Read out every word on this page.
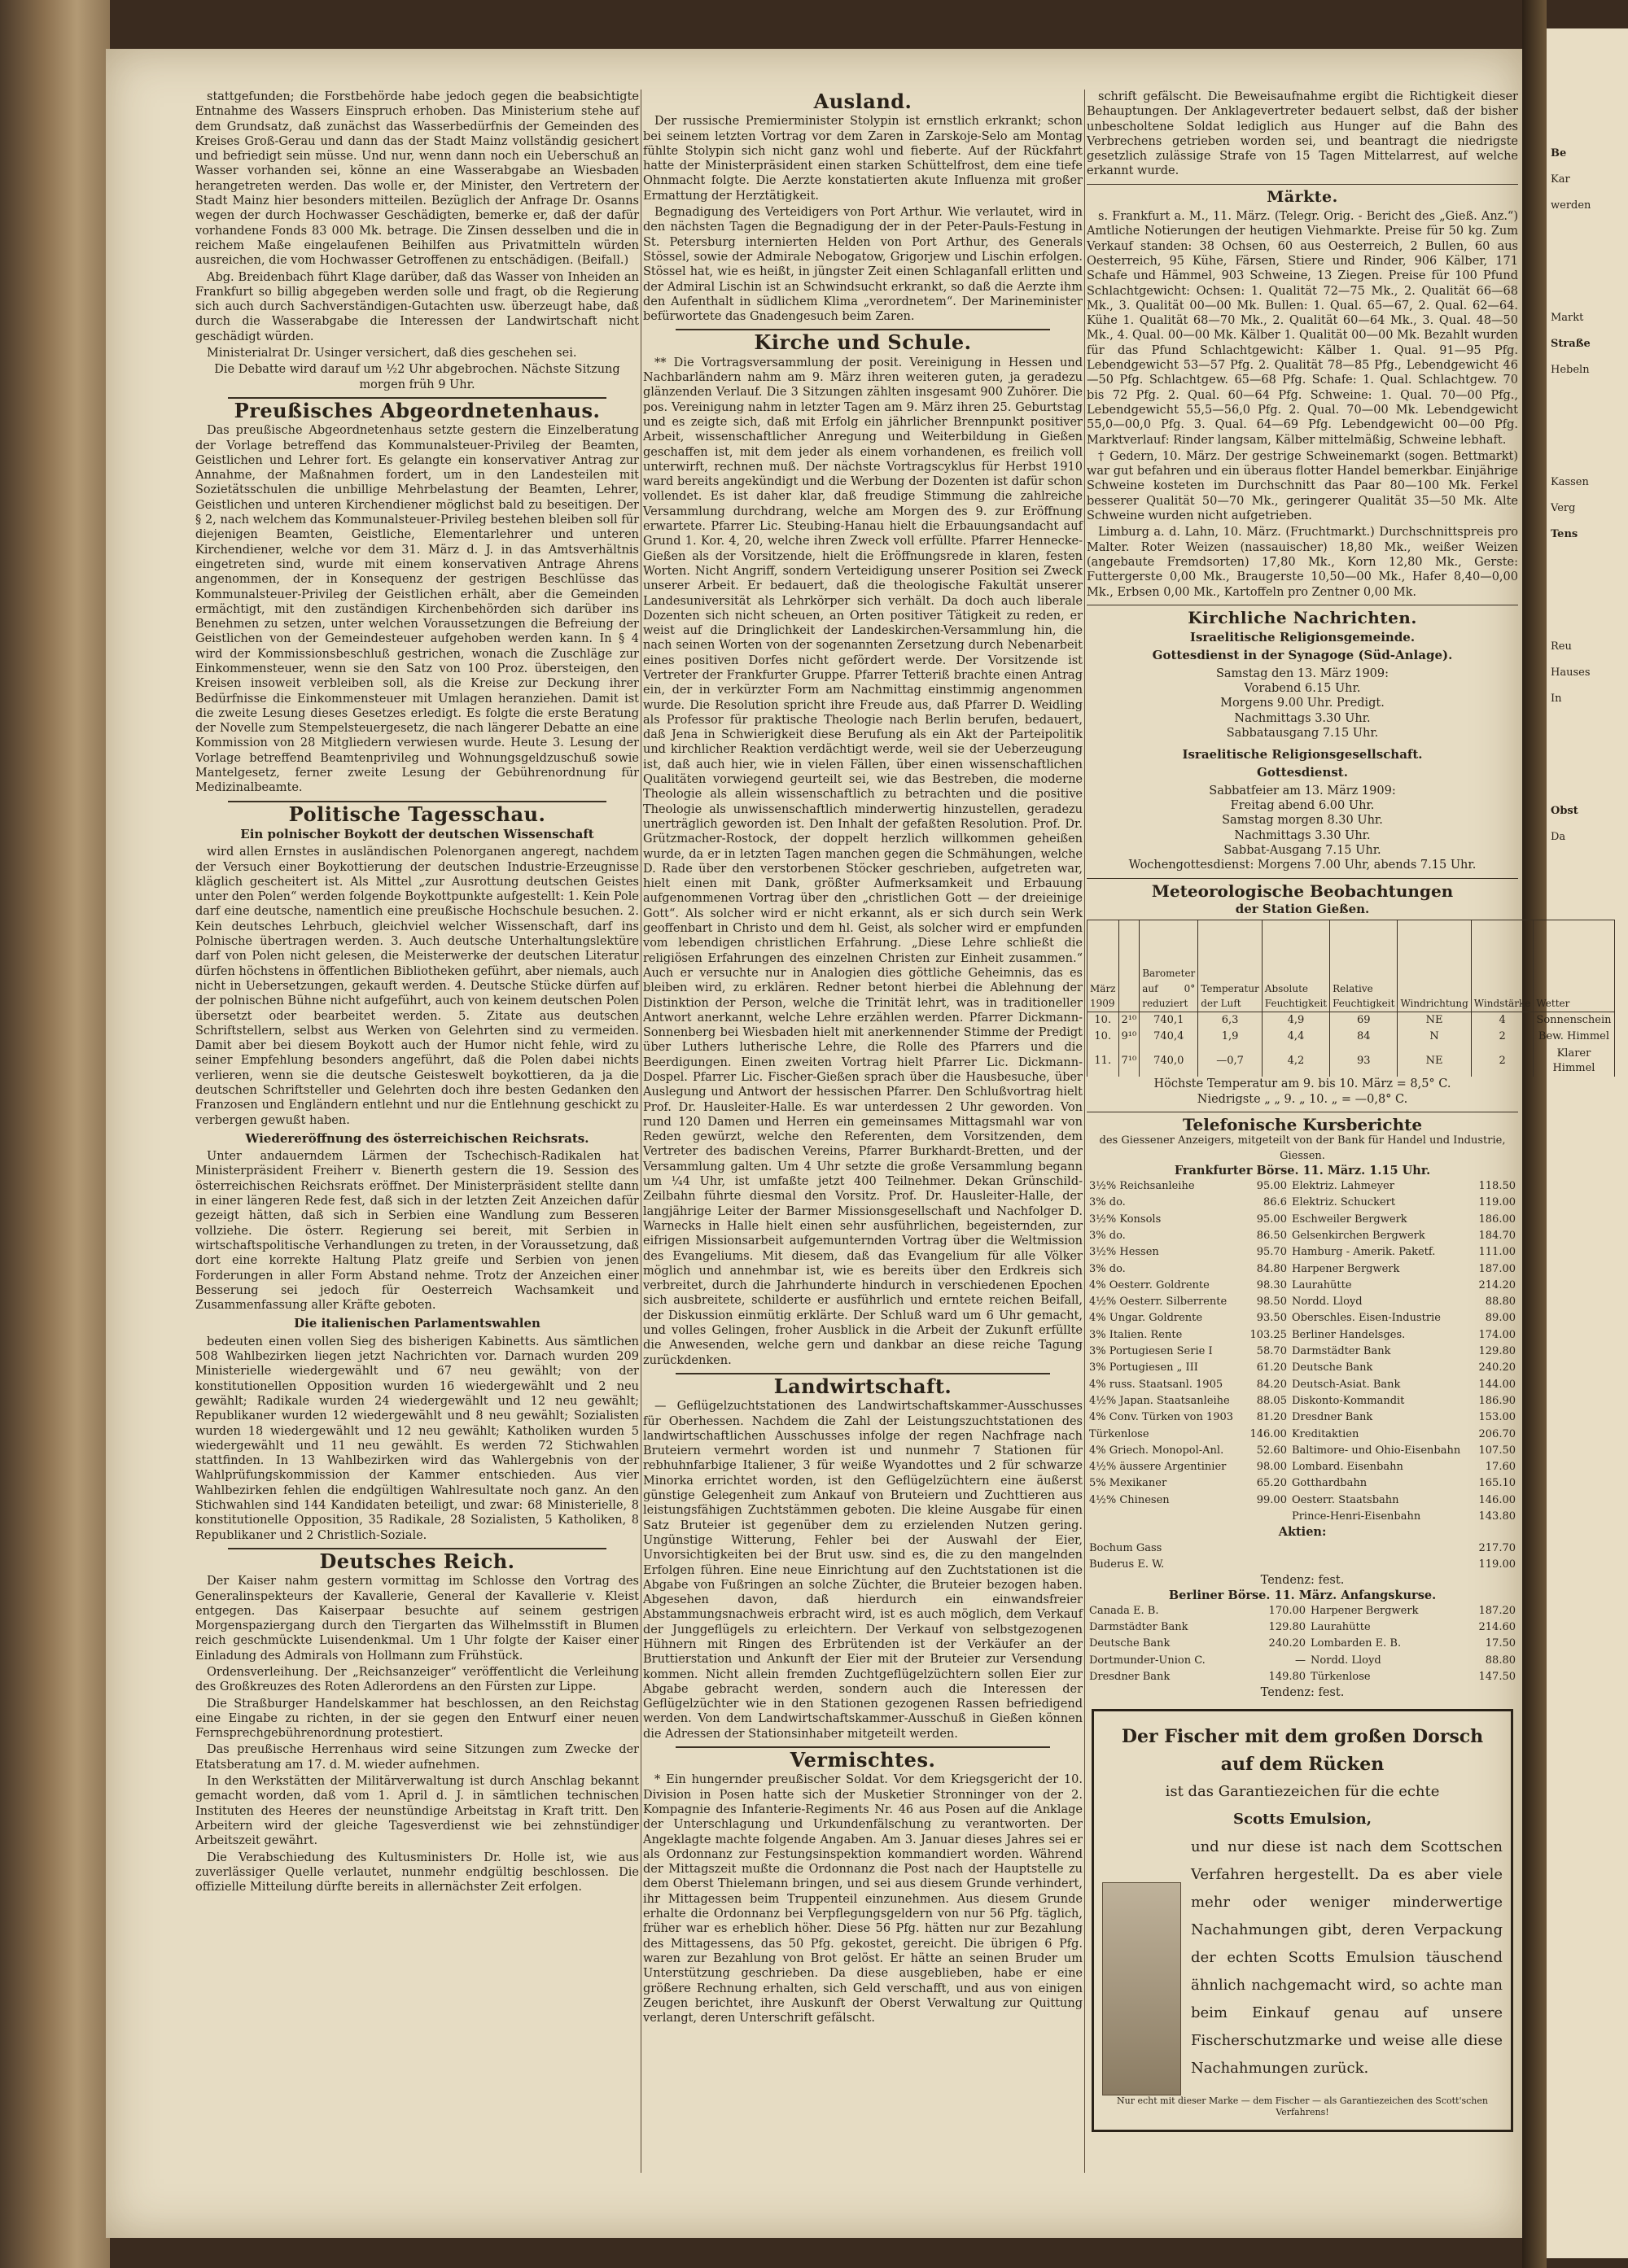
stattgefunden; die Forstbehörde habe jedoch gegen die beabsichtigte Entnahme des Wassers Einspruch erhoben. Das Ministerium stehe auf dem Grundsatz, daß zunächst das Wasserbedürfnis der Gemeinden des Kreises Groß-Gerau und dann das der Stadt Mainz vollständig gesichert und befriedigt sein müsse. Und nur, wenn dann noch ein Ueberschuß an Wasser vorhanden sei, könne an eine Wasserabgabe an Wiesbaden herangetreten werden. Das wolle er, der Minister, den Vertretern der Stadt Mainz hier besonders mitteilen. Bezüglich der Anfrage Dr. Osanns wegen der durch Hochwasser Geschädigten, bemerke er, daß der dafür vorhandene Fonds 83 000 Mk. betrage. Die Zinsen desselben und die in reichem Maße eingelaufenen Beihilfen aus Privatmitteln würden ausreichen, die vom Hochwasser Getroffenen zu entschädigen. (Beifall.)

Abg. Breidenbach führt Klage darüber, daß das Wasser von Inheiden an Frankfurt so billig abgegeben werden solle und fragt, ob die Regierung sich auch durch Sachverständigen-Gutachten usw. überzeugt habe, daß durch die Wasserabgabe die Interessen der Landwirtschaft nicht geschädigt würden.

Ministerialrat Dr. Usinger versichert, daß dies geschehen sei.

Die Debatte wird darauf um ½2 Uhr abgebrochen. Nächste Sitzung morgen früh 9 Uhr.

Preußisches Abgeordnetenhaus.

Das preußische Abgeordnetenhaus setzte gestern die Einzelberatung der Vorlage betreffend das Kommunalsteuer-Privileg der Beamten, Geistlichen und Lehrer fort. Es gelangte ein konservativer Antrag zur Annahme, der Maßnahmen fordert, um in den Landesteilen mit Sozietätsschulen die unbillige Mehrbelastung der Beamten, Lehrer, Geistlichen und unteren Kirchendiener möglichst bald zu beseitigen. Der § 2, nach welchem das Kommunalsteuer-Privileg bestehen bleiben soll für diejenigen Beamten, Geistliche, Elementarlehrer und unteren Kirchendiener, welche vor dem 31. März d. J. in das Amtsverhältnis eingetreten sind, wurde mit einem konservativen Antrage Ahrens angenommen, der in Konsequenz der gestrigen Beschlüsse das Kommunalsteuer-Privileg der Geistlichen erhält, aber die Gemeinden ermächtigt, mit den zuständigen Kirchenbehörden sich darüber ins Benehmen zu setzen, unter welchen Voraussetzungen die Befreiung der Geistlichen von der Gemeindesteuer aufgehoben werden kann. In § 4 wird der Kommissionsbeschluß gestrichen, wonach die Zuschläge zur Einkommensteuer, wenn sie den Satz von 100 Proz. übersteigen, den Kreisen insoweit verbleiben soll, als die Kreise zur Deckung ihrer Bedürfnisse die Einkommensteuer mit Umlagen heranziehen. Damit ist die zweite Lesung dieses Gesetzes erledigt. Es folgte die erste Beratung der Novelle zum Stempelsteuergesetz, die nach längerer Debatte an eine Kommission von 28 Mitgliedern verwiesen wurde. Heute 3. Lesung der Vorlage betreffend Beamtenprivileg und Wohnungsgeldzuschuß sowie Mantelgesetz, ferner zweite Lesung der Gebührenordnung für Medizinalbeamte.

Politische Tagesschau.
Ein polnischer Boykott der deutschen Wissenschaft

wird allen Ernstes in ausländischen Polenorganen angeregt, nachdem der Versuch einer Boykottierung der deutschen Industrie-Erzeugnisse kläglich gescheitert ist. Als Mittel „zur Ausrottung deutschen Geistes unter den Polen“ werden folgende Boykottpunkte aufgestellt: 1. Kein Pole darf eine deutsche, namentlich eine preußische Hochschule besuchen. 2. Kein deutsches Lehrbuch, gleichviel welcher Wissenschaft, darf ins Polnische übertragen werden. 3. Auch deutsche Unterhaltungslektüre darf von Polen nicht gelesen, die Meisterwerke der deutschen Literatur dürfen höchstens in öffentlichen Bibliotheken geführt, aber niemals, auch nicht in Uebersetzungen, gekauft werden. 4. Deutsche Stücke dürfen auf der polnischen Bühne nicht aufgeführt, auch von keinem deutschen Polen übersetzt oder bearbeitet werden. 5. Zitate aus deutschen Schriftstellern, selbst aus Werken von Gelehrten sind zu vermeiden. Damit aber bei diesem Boykott auch der Humor nicht fehle, wird zu seiner Empfehlung besonders angeführt, daß die Polen dabei nichts verlieren, wenn sie die deutsche Geisteswelt boykottieren, da ja die deutschen Schriftsteller und Gelehrten doch ihre besten Gedanken den Franzosen und Engländern entlehnt und nur die Entlehnung geschickt zu verbergen gewußt haben.

Wiedereröffnung des österreichischen Reichsrats.

Unter andauerndem Lärmen der Tschechisch-Radikalen hat Ministerpräsident Freiherr v. Bienerth gestern die 19. Session des österreichischen Reichsrats eröffnet. Der Ministerpräsident stellte dann in einer längeren Rede fest, daß sich in der letzten Zeit Anzeichen dafür gezeigt hätten, daß sich in Serbien eine Wandlung zum Besseren vollziehe. Die österr. Regierung sei bereit, mit Serbien in wirtschaftspolitische Verhandlungen zu treten, in der Voraussetzung, daß dort eine korrekte Haltung Platz greife und Serbien von jenen Forderungen in aller Form Abstand nehme. Trotz der Anzeichen einer Besserung sei jedoch für Oesterreich Wachsamkeit und Zusammenfassung aller Kräfte geboten.

Die italienischen Parlamentswahlen

bedeuten einen vollen Sieg des bisherigen Kabinetts. Aus sämtlichen 508 Wahlbezirken liegen jetzt Nachrichten vor. Darnach wurden 209 Ministerielle wiedergewählt und 67 neu gewählt; von der konstitutionellen Opposition wurden 16 wiedergewählt und 2 neu gewählt; Radikale wurden 24 wiedergewählt und 12 neu gewählt; Republikaner wurden 12 wiedergewählt und 8 neu gewählt; Sozialisten wurden 18 wiedergewählt und 12 neu gewählt; Katholiken wurden 5 wiedergewählt und 11 neu gewählt. Es werden 72 Stichwahlen stattfinden. In 13 Wahlbezirken wird das Wahlergebnis von der Wahlprüfungskommission der Kammer entschieden. Aus vier Wahlbezirken fehlen die endgültigen Wahlresultate noch ganz. An den Stichwahlen sind 144 Kandidaten beteiligt, und zwar: 68 Ministerielle, 8 konstitutionelle Opposition, 35 Radikale, 28 Sozialisten, 5 Katholiken, 8 Republikaner und 2 Christlich-Soziale.

Deutsches Reich.

Der Kaiser nahm gestern vormittag im Schlosse den Vortrag des Generalinspekteurs der Kavallerie, General der Kavallerie v. Kleist entgegen. Das Kaiserpaar besuchte auf seinem gestrigen Morgenspaziergang durch den Tiergarten das Wilhelmsstift in Blumen reich geschmückte Luisendenkmal. Um 1 Uhr folgte der Kaiser einer Einladung des Admirals von Hollmann zum Frühstück.

Ordensverleihung. Der „Reichsanzeiger“ veröffentlicht die Verleihung des Großkreuzes des Roten Adlerordens an den Fürsten zur Lippe.

Die Straßburger Handelskammer hat beschlossen, an den Reichstag eine Eingabe zu richten, in der sie gegen den Entwurf einer neuen Fernsprechgebührenordnung protestiert.

Das preußische Herrenhaus wird seine Sitzungen zum Zwecke der Etatsberatung am 17. d. M. wieder aufnehmen.

In den Werkstätten der Militärverwaltung ist durch Anschlag bekannt gemacht worden, daß vom 1. April d. J. in sämtlichen technischen Instituten des Heeres der neunstündige Arbeitstag in Kraft tritt. Den Arbeitern wird der gleiche Tagesverdienst wie bei zehnstündiger Arbeitszeit gewährt.

Die Verabschiedung des Kultusministers Dr. Holle ist, wie aus zuverlässiger Quelle verlautet, nunmehr endgültig beschlossen. Die offizielle Mitteilung dürfte bereits in allernächster Zeit erfolgen.

Ausland.

Der russische Premierminister Stolypin ist ernstlich erkrankt; schon bei seinem letzten Vortrag vor dem Zaren in Zarskoje-Selo am Montag fühlte Stolypin sich nicht ganz wohl und fieberte. Auf der Rückfahrt hatte der Ministerpräsident einen starken Schüttelfrost, dem eine tiefe Ohnmacht folgte. Die Aerzte konstatierten akute Influenza mit großer Ermattung der Herztätigkeit.

Begnadigung des Verteidigers von Port Arthur. Wie verlautet, wird in den nächsten Tagen die Begnadigung der in der Peter-Pauls-Festung in St. Petersburg internierten Helden von Port Arthur, des Generals Stössel, sowie der Admirale Nebogatow, Grigorjew und Lischin erfolgen. Stössel hat, wie es heißt, in jüngster Zeit einen Schlaganfall erlitten und der Admiral Lischin ist an Schwindsucht erkrankt, so daß die Aerzte ihm den Aufenthalt in südlichem Klima „verordnetem“. Der Marineminister befürwortete das Gnadengesuch beim Zaren.

Kirche und Schule.

** Die Vortragsversammlung der posit. Vereinigung in Hessen und Nachbarländern nahm am 9. März ihren weiteren guten, ja geradezu glänzenden Verlauf. Die 3 Sitzungen zählten insgesamt 900 Zuhörer. Die pos. Vereinigung nahm in letzter Tagen am 9. März ihren 25. Geburtstag und es zeigte sich, daß mit Erfolg ein jährlicher Brennpunkt positiver Arbeit, wissenschaftlicher Anregung und Weiterbildung in Gießen geschaffen ist, mit dem jeder als einem vorhandenen, es freilich voll unterwirft, rechnen muß. Der nächste Vortragscyklus für Herbst 1910 ward bereits angekündigt und die Werbung der Dozenten ist dafür schon vollendet. Es ist daher klar, daß freudige Stimmung die zahlreiche Versammlung durchdrang, welche am Morgen des 9. zur Eröffnung erwartete. Pfarrer Lic. Steubing-Hanau hielt die Erbauungsandacht auf Grund 1. Kor. 4, 20, welche ihren Zweck voll erfüllte. Pfarrer Hennecke-Gießen als der Vorsitzende, hielt die Eröffnungsrede in klaren, festen Worten. Nicht Angriff, sondern Verteidigung unserer Position sei Zweck unserer Arbeit. Er bedauert, daß die theologische Fakultät unserer Landesuniversität als Lehrkörper sich verhält. Da doch auch liberale Dozenten sich nicht scheuen, an Orten positiver Tätigkeit zu reden, er weist auf die Dringlichkeit der Landeskirchen-Versammlung hin, die nach seinen Worten von der sogenannten Zersetzung durch Nebenarbeit eines positiven Dorfes nicht gefördert werde. Der Vorsitzende ist Vertreter der Frankfurter Gruppe. Pfarrer Tetteriß brachte einen Antrag ein, der in verkürzter Form am Nachmittag einstimmig angenommen wurde. Die Resolution spricht ihre Freude aus, daß Pfarrer D. Weidling als Professor für praktische Theologie nach Berlin berufen, bedauert, daß Jena in Schwierigkeit diese Berufung als ein Akt der Parteipolitik und kirchlicher Reaktion verdächtigt werde, weil sie der Ueberzeugung ist, daß auch hier, wie in vielen Fällen, über einen wissenschaftlichen Qualitäten vorwiegend geurteilt sei, wie das Bestreben, die moderne Theologie als allein wissenschaftlich zu betrachten und die positive Theologie als unwissenschaftlich minderwertig hinzustellen, geradezu unerträglich geworden ist. Den Inhalt der gefaßten Resolution. Prof. Dr. Grützmacher-Rostock, der doppelt herzlich willkommen geheißen wurde, da er in letzten Tagen manchen gegen die Schmähungen, welche D. Rade über den verstorbenen Stöcker geschrieben, aufgetreten war, hielt einen mit Dank, größter Aufmerksamkeit und Erbauung aufgenommenen Vortrag über den „christlichen Gott — der dreieinige Gott“. Als solcher wird er nicht erkannt, als er sich durch sein Werk geoffenbart in Christo und dem hl. Geist, als solcher wird er empfunden vom lebendigen christlichen Erfahrung. „Diese Lehre schließt die religiösen Erfahrungen des einzelnen Christen zur Einheit zusammen.“ Auch er versuchte nur in Analogien dies göttliche Geheimnis, das es bleiben wird, zu erklären. Redner betont hierbei die Ablehnung der Distinktion der Person, welche die Trinität lehrt, was in traditioneller Antwort anerkannt, welche Lehre erzählen werden. Pfarrer Dickmann-Sonnenberg bei Wiesbaden hielt mit anerkennender Stimme der Predigt über Luthers lutherische Lehre, die Rolle des Pfarrers und die Beerdigungen. Einen zweiten Vortrag hielt Pfarrer Lic. Dickmann-Dospel. Pfarrer Lic. Fischer-Gießen sprach über die Hausbesuche, über Auslegung und Antwort der hessischen Pfarrer. Den Schlußvortrag hielt Prof. Dr. Hausleiter-Halle. Es war unterdessen 2 Uhr geworden. Von rund 120 Damen und Herren ein gemeinsames Mittagsmahl war von Reden gewürzt, welche den Referenten, dem Vorsitzenden, dem Vertreter des badischen Vereins, Pfarrer Burkhardt-Bretten, und der Versammlung galten. Um 4 Uhr setzte die große Versammlung begann um ¼4 Uhr, ist umfaßte jetzt 400 Teilnehmer. Dekan Grünschild-Zeilbahn führte diesmal den Vorsitz. Prof. Dr. Hausleiter-Halle, der langjährige Leiter der Barmer Missionsgesellschaft und Nachfolger D. Warnecks in Halle hielt einen sehr ausführlichen, begeisternden, zur eifrigen Missionsarbeit aufgemunternden Vortrag über die Weltmission des Evangeliums. Mit diesem, daß das Evangelium für alle Völker möglich und annehmbar ist, wie es bereits über den Erdkreis sich verbreitet, durch die Jahrhunderte hindurch in verschiedenen Epochen sich ausbreitete, schilderte er ausführlich und erntete reichen Beifall, der Diskussion einmütig erklärte. Der Schluß ward um 6 Uhr gemacht, und volles Gelingen, froher Ausblick in die Arbeit der Zukunft erfüllte die Anwesenden, welche gern und dankbar an diese reiche Tagung zurückdenken.

Landwirtschaft.

— Geflügelzuchtstationen des Landwirtschaftskammer-Ausschusses für Oberhessen. Nachdem die Zahl der Leistungszuchtstationen des landwirtschaftlichen Ausschusses infolge der regen Nachfrage nach Bruteiern vermehrt worden ist und nunmehr 7 Stationen für rebhuhnfarbige Italiener, 3 für weiße Wyandottes und 2 für schwarze Minorka errichtet worden, ist den Geflügelzüchtern eine äußerst günstige Gelegenheit zum Ankauf von Bruteiern und Zuchttieren aus leistungsfähigen Zuchtstämmen geboten. Die kleine Ausgabe für einen Satz Bruteier ist gegenüber dem zu erzielenden Nutzen gering. Ungünstige Witterung, Fehler bei der Auswahl der Eier, Unvorsichtigkeiten bei der Brut usw. sind es, die zu den mangelnden Erfolgen führen. Eine neue Einrichtung auf den Zuchtstationen ist die Abgabe von Fußringen an solche Züchter, die Bruteier bezogen haben. Abgesehen davon, daß hierdurch ein einwandsfreier Abstammungsnachweis erbracht wird, ist es auch möglich, dem Verkauf der Junggeflügels zu erleichtern. Der Verkauf von selbstgezogenen Hühnern mit Ringen des Erbrütenden ist der Verkäufer an der Bruttierstation und Ankunft der Eier mit der Bruteier zur Versendung kommen. Nicht allein fremden Zuchtgeflügelzüchtern sollen Eier zur Abgabe gebracht werden, sondern auch die Interessen der Geflügelzüchter wie in den Stationen gezogenen Rassen befriedigend werden. Von dem Landwirtschaftskammer-Ausschuß in Gießen können die Adressen der Stationsinhaber mitgeteilt werden.

Vermischtes.

* Ein hungernder preußischer Soldat. Vor dem Kriegsgericht der 10. Division in Posen hatte sich der Musketier Stronninger von der 2. Kompagnie des Infanterie-Regiments Nr. 46 aus Posen auf die Anklage der Unterschlagung und Urkundenfälschung zu verantworten. Der Angeklagte machte folgende Angaben. Am 3. Januar dieses Jahres sei er als Ordonnanz zur Festungsinspektion kommandiert worden. Während der Mittagszeit mußte die Ordonnanz die Post nach der Hauptstelle zu dem Oberst Thielemann bringen, und sei aus diesem Grunde verhindert, ihr Mittagessen beim Truppenteil einzunehmen. Aus diesem Grunde erhalte die Ordonnanz bei Verpflegungsgeldern von nur 56 Pfg. täglich, früher war es erheblich höher. Diese 56 Pfg. hätten nur zur Bezahlung des Mittagessens, das 50 Pfg. gekostet, gereicht. Die übrigen 6 Pfg. waren zur Bezahlung von Brot gelöst. Er hätte an seinen Bruder um Unterstützung geschrieben. Da diese ausgeblieben, habe er eine größere Rechnung erhalten, sich Geld verschafft, und aus von einigen Zeugen berichtet, ihre Auskunft der Oberst Verwaltung zur Quittung verlangt, deren Unterschrift gefälscht.

schrift gefälscht. Die Beweisaufnahme ergibt die Richtigkeit dieser Behauptungen. Der Anklagevertreter bedauert selbst, daß der bisher unbescholtene Soldat lediglich aus Hunger auf die Bahn des Verbrechens getrieben worden sei, und beantragt die niedrigste gesetzlich zulässige Strafe von 15 Tagen Mittelarrest, auf welche erkannt wurde.

Märkte.

s. Frankfurt a. M., 11. März. (Telegr. Orig. - Bericht des „Gieß. Anz.“) Amtliche Notierungen der heutigen Viehmarkte. Preise für 50 kg. Zum Verkauf standen: 38 Ochsen, 60 aus Oesterreich, 2 Bullen, 60 aus Oesterreich, 95 Kühe, Färsen, Stiere und Rinder, 906 Kälber, 171 Schafe und Hämmel, 903 Schweine, 13 Ziegen. Preise für 100 Pfund Schlachtgewicht: Ochsen: 1. Qualität 72—75 Mk., 2. Qualität 66—68 Mk., 3. Qualität 00—00 Mk. Bullen: 1. Qual. 65—67, 2. Qual. 62—64. Kühe 1. Qualität 68—70 Mk., 2. Qualität 60—64 Mk., 3. Qual. 48—50 Mk., 4. Qual. 00—00 Mk. Kälber 1. Qualität 00—00 Mk. Bezahlt wurden für das Pfund Schlachtgewicht: Kälber 1. Qual. 91—95 Pfg. Lebendgewicht 53—57 Pfg. 2. Qualität 78—85 Pfg., Lebendgewicht 46—50 Pfg. Schlachtgew. 65—68 Pfg. Schafe: 1. Qual. Schlachtgew. 70 bis 72 Pfg. 2. Qual. 60—64 Pfg. Schweine: 1. Qual. 70—00 Pfg., Lebendgewicht 55,5—56,0 Pfg. 2. Qual. 70—00 Mk. Lebendgewicht 55,0—00,0 Pfg. 3. Qual. 64—69 Pfg. Lebendgewicht 00—00 Pfg. Marktverlauf: Rinder langsam, Kälber mittelmäßig, Schweine lebhaft.

† Gedern, 10. März. Der gestrige Schweinemarkt (sogen. Bettmarkt) war gut befahren und ein überaus flotter Handel bemerkbar. Einjährige Schweine kosteten im Durchschnitt das Paar 80—100 Mk. Ferkel besserer Qualität 50—70 Mk., geringerer Qualität 35—50 Mk. Alte Schweine wurden nicht aufgetrieben.

Limburg a. d. Lahn, 10. März. (Fruchtmarkt.) Durchschnittspreis pro Malter. Roter Weizen (nassauischer) 18,80 Mk., weißer Weizen (angebaute Fremdsorten) 17,80 Mk., Korn 12,80 Mk., Gerste: Futtergerste 0,00 Mk., Braugerste 10,50—00 Mk., Hafer 8,40—0,00 Mk., Erbsen 0,00 Mk., Kartoffeln pro Zentner 0,00 Mk.

Kirchliche Nachrichten.
Israelitische Religionsgemeinde.
Gottesdienst in der Synagoge (Süd-Anlage).
Samstag den 13. März 1909:
Vorabend 6.15 Uhr.
Morgens 9.00 Uhr. Predigt.
Nachmittags 3.30 Uhr.
Sabbatausgang 7.15 Uhr.
Israelitische Religionsgesellschaft.
Gottesdienst.
Sabbatfeier am 13. März 1909:
Freitag abend 6.00 Uhr.
Samstag morgen 8.30 Uhr.
Nachmittags 3.30 Uhr.
Sabbat-Ausgang 7.15 Uhr.
Wochengottesdienst: Morgens 7.00 Uhr, abends 7.15 Uhr.
Meteorologische Beobachtungen
der Station Gießen.
März 1909		Barometer auf 0° reduziert	Temperatur der Luft	Absolute Feuchtigkeit	Relative Feuchtigkeit	Windrichtung	Windstärke	Wetter
10.	2¹⁰	740,1	6,3	4,9	69	NE	4	Sonnenschein
10.	9¹⁰	740,4	1,9	4,4	84	N	2	Bew. Himmel
11.	7¹⁰	740,0	—0,7	4,2	93	NE	2	Klarer Himmel
Höchste Temperatur am 9. bis 10. März = 8,5° C.
Niedrigste „ „ 9. „ 10. „ = —0,8° C.
Telefonische Kursberichte
des Giessener Anzeigers, mitgeteilt von der Bank für Handel und Industrie, Giessen.
Frankfurter Börse. 11. März. 1.15 Uhr.
3½% Reichsanleihe	95.00	Elektriz. Lahmeyer	118.50
3% do.	86.6	Elektriz. Schuckert	119.00
3½% Konsols	95.00	Eschweiler Bergwerk	186.00
3% do.	86.50	Gelsenkirchen Bergwerk	184.70
3½% Hessen	95.70	Hamburg - Amerik. Paketf.	111.00
3% do.	84.80	Harpener Bergwerk	187.00
4% Oesterr. Goldrente	98.30	Laurahütte	214.20
4½% Oesterr. Silberrente	98.50	Nordd. Lloyd	88.80
4% Ungar. Goldrente	93.50	Oberschles. Eisen-Industrie	89.00
3% Italien. Rente	103.25	Berliner Handelsges.	174.00
3% Portugiesen Serie I	58.70	Darmstädter Bank	129.80
3% Portugiesen „ III	61.20	Deutsche Bank	240.20
4% russ. Staatsanl. 1905	84.20	Deutsch-Asiat. Bank	144.00
4½% Japan. Staatsanleihe	88.05	Diskonto-Kommandit	186.90
4% Conv. Türken von 1903	81.20	Dresdner Bank	153.00
Türkenlose	146.00	Kreditaktien	206.70
4% Griech. Monopol-Anl.	52.60	Baltimore- und Ohio-Eisenbahn	107.50
4½% äussere Argentinier	98.00	Lombard. Eisenbahn	17.60
5% Mexikaner	65.20	Gotthardbahn	165.10
4½% Chinesen	99.00	Oesterr. Staatsbahn	146.00
		Prince-Henri-Eisenbahn	143.80
Aktien:
Bochum Gass	217.70
Buderus E. W.	119.00
Tendenz: fest.
Berliner Börse. 11. März. Anfangskurse.
Canada E. B.	170.00	Harpener Bergwerk	187.20
Darmstädter Bank	129.80	Laurahütte	214.60
Deutsche Bank	240.20	Lombarden E. B.	17.50
Dortmunder-Union C.	—	Nordd. Lloyd	88.80
Dresdner Bank	149.80	Türkenlose	147.50
Tendenz: fest.
Der Fischer mit dem großen Dorsch
auf dem Rücken
ist das Garantiezeichen für die echte
Scotts Emulsion,
und nur diese ist nach dem Scottschen Verfahren hergestellt. Da es aber viele mehr oder weniger minderwertige Nachahmungen gibt, deren Verpackung der echten Scotts Emulsion täuschend ähnlich nachgemacht wird, so achte man beim Einkauf genau auf unsere Fischerschutzmarke und weise alle diese Nachahmungen zurück.
Nur echt mit dieser Marke — dem Fischer — als Garantiezeichen des Scott'schen Verfahrens!
Be
Kar
werden
Markt
Straße
Hebeln
Kassen
Verg
Tens
Reu
Hauses
In
Obst
Da
